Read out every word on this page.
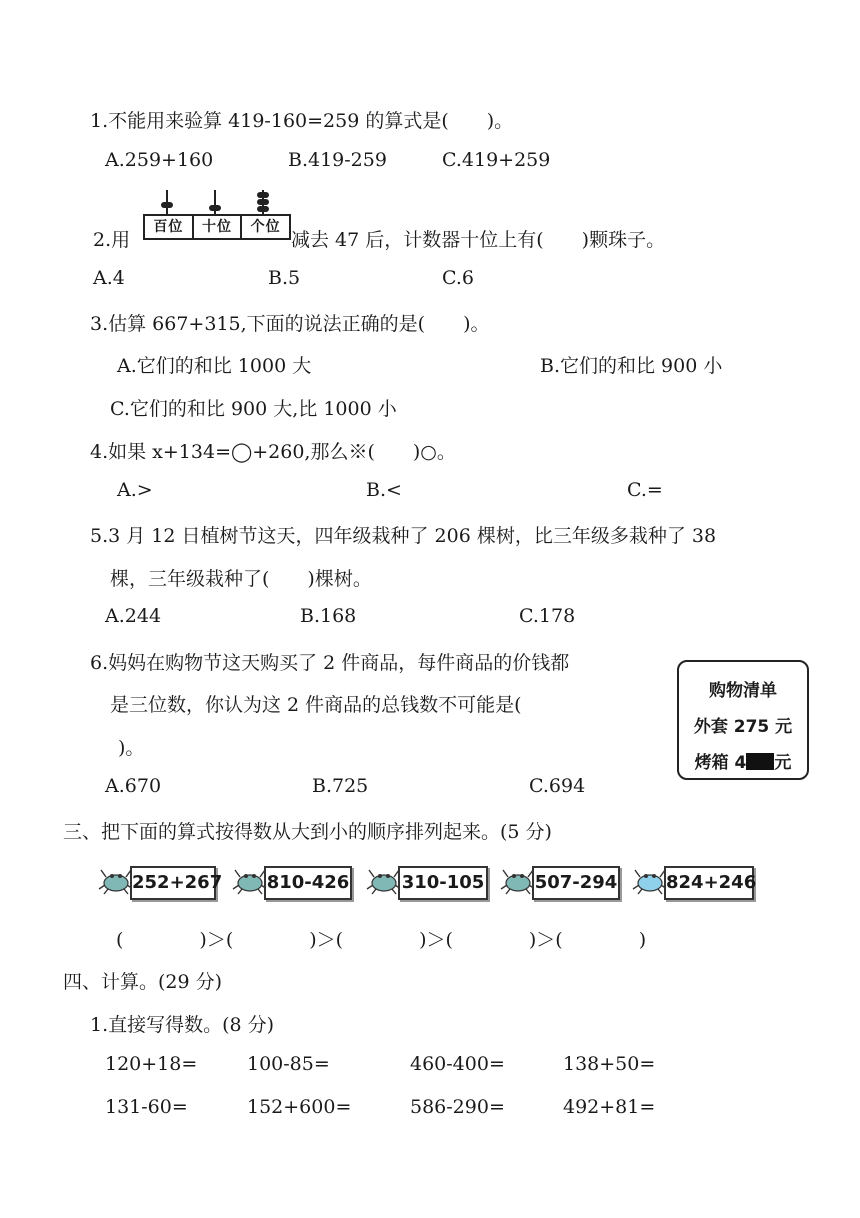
1.不能用来验算 419-160=259 的算式是(　　)。
A.259+160	B.419-259	C.419+259
2.用
百位	十位	个位
减去 47 后，计数器十位上有(　　)颗珠子。
A.4	B.5	C.6
3.估算 667+315,下面的说法正确的是(　　)。
A.它们的和比 1000 大	B.它们的和比 900 小
C.它们的和比 900 大,比 1000 小
4.如果 x+134=◯+260,那么※(　　)○。
A.>	B.<	C.=
5.3 月 12 日植树节这天，四年级栽种了 206 棵树，比三年级多栽种了 38
棵，三年级栽种了(　　)棵树。
A.244	B.168	C.178
6.妈妈在购物节这天购买了 2 件商品，每件商品的价钱都
是三位数，你认为这 2 件商品的总钱数不可能是(
)。
A.670	B.725	C.694
购物清单
外套 275 元
烤箱 4 元
三、把下面的算式按得数从大到小的顺序排列起来。(5 分)
252+267 810-426	310-105	507-294	824+246
(　　　　)＞(　　　　)＞(　　　　)＞(　　　　)＞(　　　　)
四、计算。(29 分)
1.直接写得数。(8 分)
120+18=	100-85=	460-400=	138+50=
131-60=	152+600=	586-290=	492+81=
